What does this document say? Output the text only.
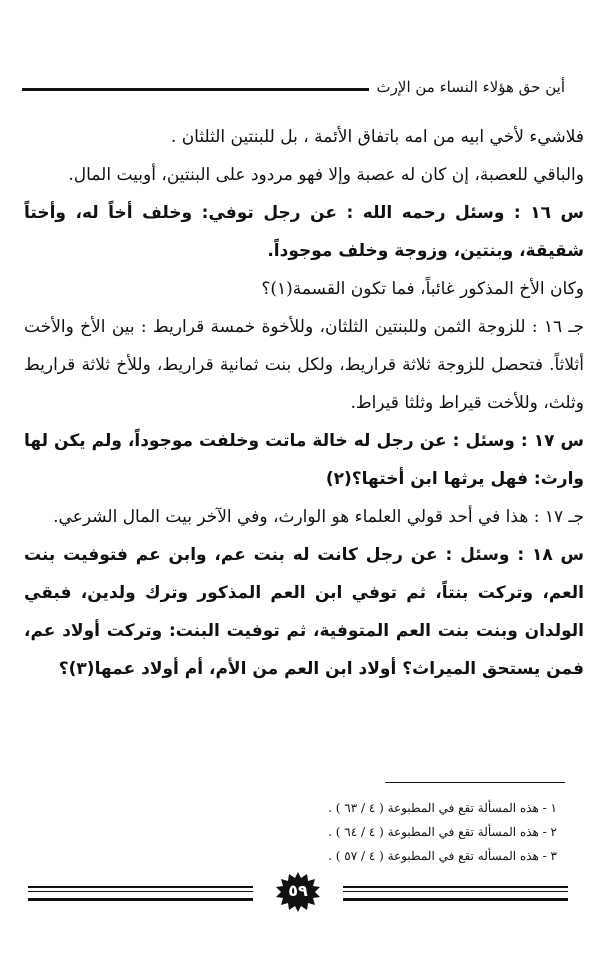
أين حق هؤلاء النساء من الإرث

فلاشيء لأخي ابيه من امه باتفاق الأئمة ، بل للبنتين الثلثان .

والباقي للعصبة، إن كان له عصبة وإلا فهو مردود على البنتين، أوبيت المال.

س ١٦ : وسئل رحمه الله : عن رجل توفي: وخلف أخاً له، وأختاً شقيقة، وبنتين، وزوجة وخلف موجوداً.

وكان الأخ المذكور غائباً، فما تكون القسمة(١)؟

جـ ١٦ : للزوجة الثمن وللبنتين الثلثان، وللأخوة خمسة قراريط : بين الأخ والأخت أثلاثاً. فتحصل للزوجة ثلاثة قراريط، ولكل بنت ثمانية قراريط، وللأخ ثلاثة قراريط وثلث، وللأخت قيراط وثلثا قيراط.

س ١٧ : وسئل : عن رجل له خالة ماتت وخلفت موجوداً، ولم يكن لها وارث: فهل يرثها ابن أختها؟(٢)

جـ ١٧ : هذا في أحد قولي العلماء هو الوارث، وفي الآخر بيت المال الشرعي.

س ١٨ : وسئل : عن رجل كانت له بنت عم، وابن عم فتوفيت بنت العم، وتركت بنتاً، ثم توفي ابن العم المذكور وترك ولدين، فبقي الولدان وبنت بنت العم المتوفية، ثم توفيت البنت: وتركت أولاد عم، فمن يستحق الميراث؟ أولاد ابن العم من الأم، أم أولاد عمها(٣)؟

١ - هذه المسألة تقع في المطبوعة ( ٤ / ٦٣ ) .

٢ - هذه المسألة تقع في المطبوعة ( ٤ / ٦٤ ) .

٣ - هذه المسأله تقع في المطبوعة ( ٤ / ٥٧ ) .

٥٩
